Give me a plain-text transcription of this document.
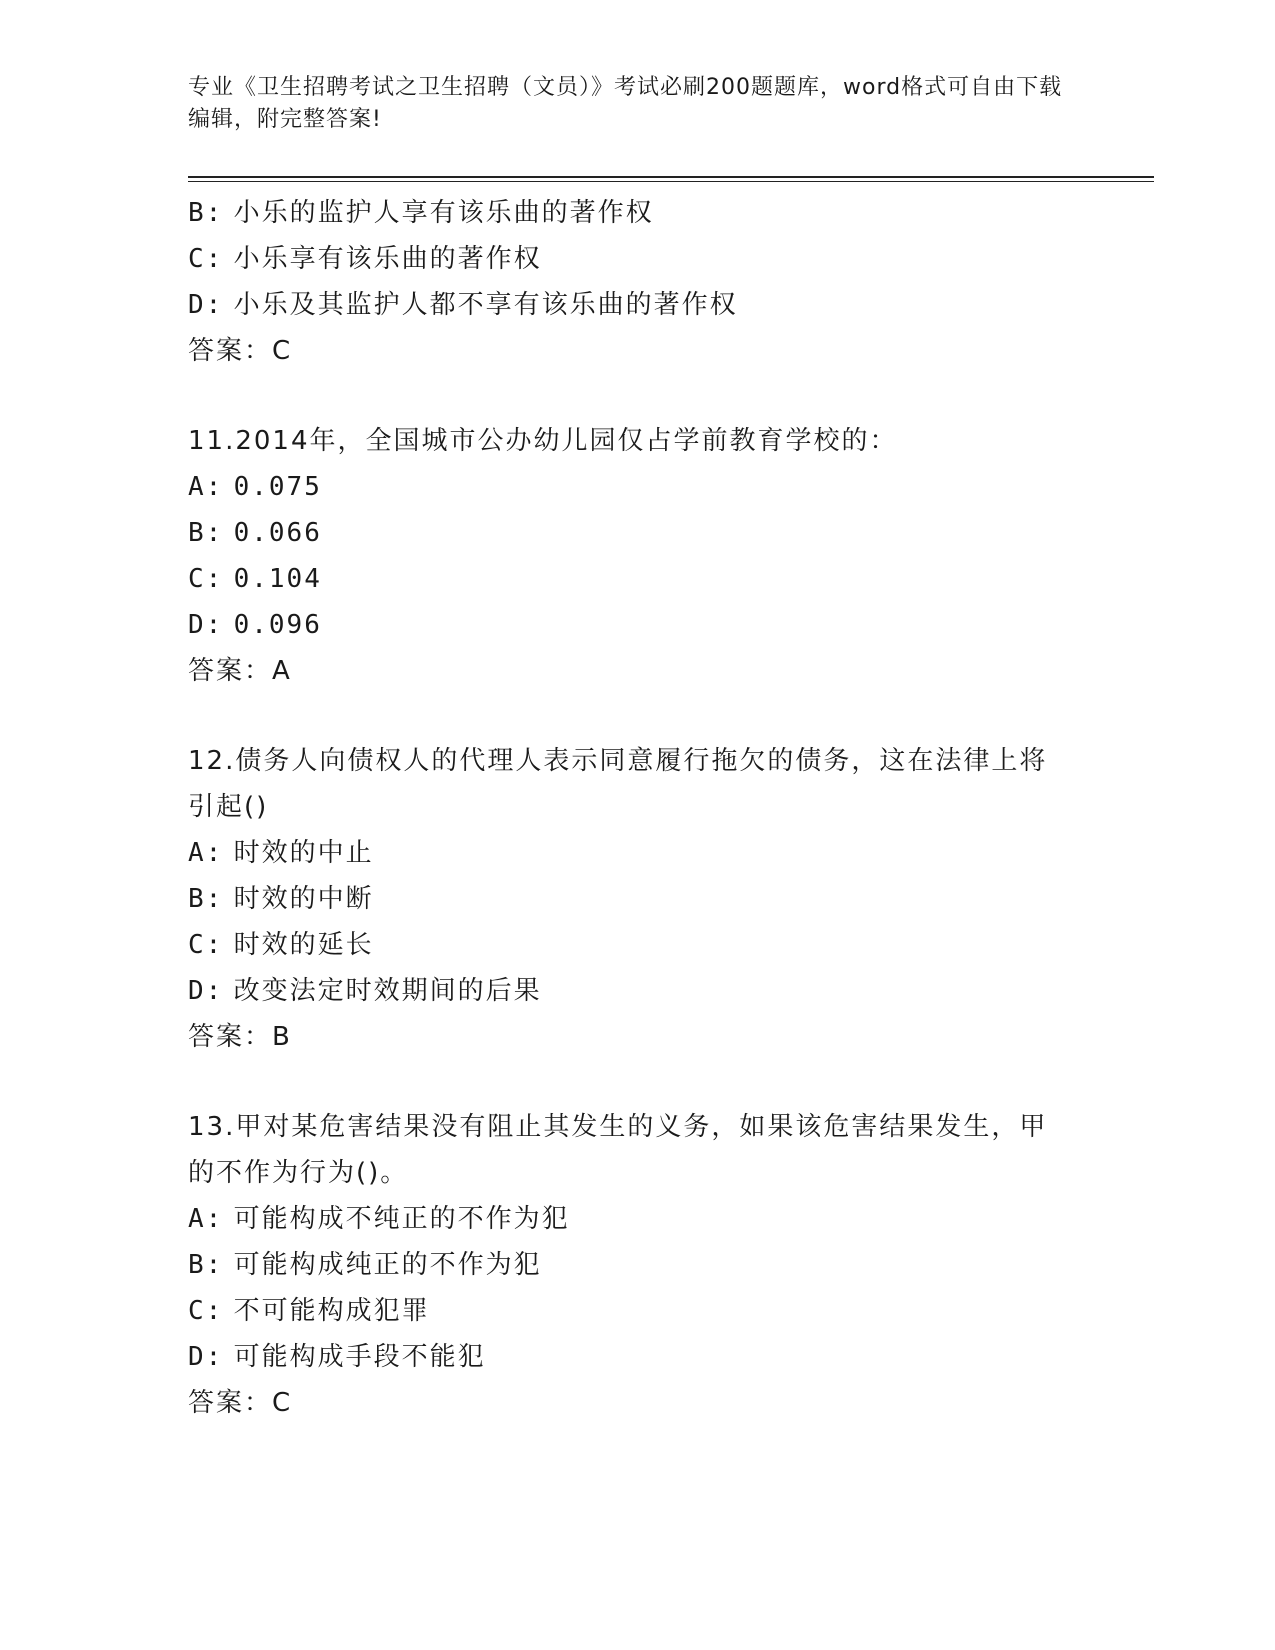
专业《卫生招聘考试之卫生招聘（文员）》考试必刷200题题库，word格式可自由下载编辑，附完整答案!
B: 小乐的监护人享有该乐曲的著作权
C: 小乐享有该乐曲的著作权
D: 小乐及其监护人都不享有该乐曲的著作权
答案：C
11.2014年，全国城市公办幼儿园仅占学前教育学校的：
A: 0.075
B: 0.066
C: 0.104
D: 0.096
答案：A
12.债务人向债权人的代理人表示同意履行拖欠的债务，这在法律上将引起()
A: 时效的中止
B: 时效的中断
C: 时效的延长
D: 改变法定时效期间的后果
答案：B
13.甲对某危害结果没有阻止其发生的义务，如果该危害结果发生，甲的不作为行为()。
A: 可能构成不纯正的不作为犯
B: 可能构成纯正的不作为犯
C: 不可能构成犯罪
D: 可能构成手段不能犯
答案：C
